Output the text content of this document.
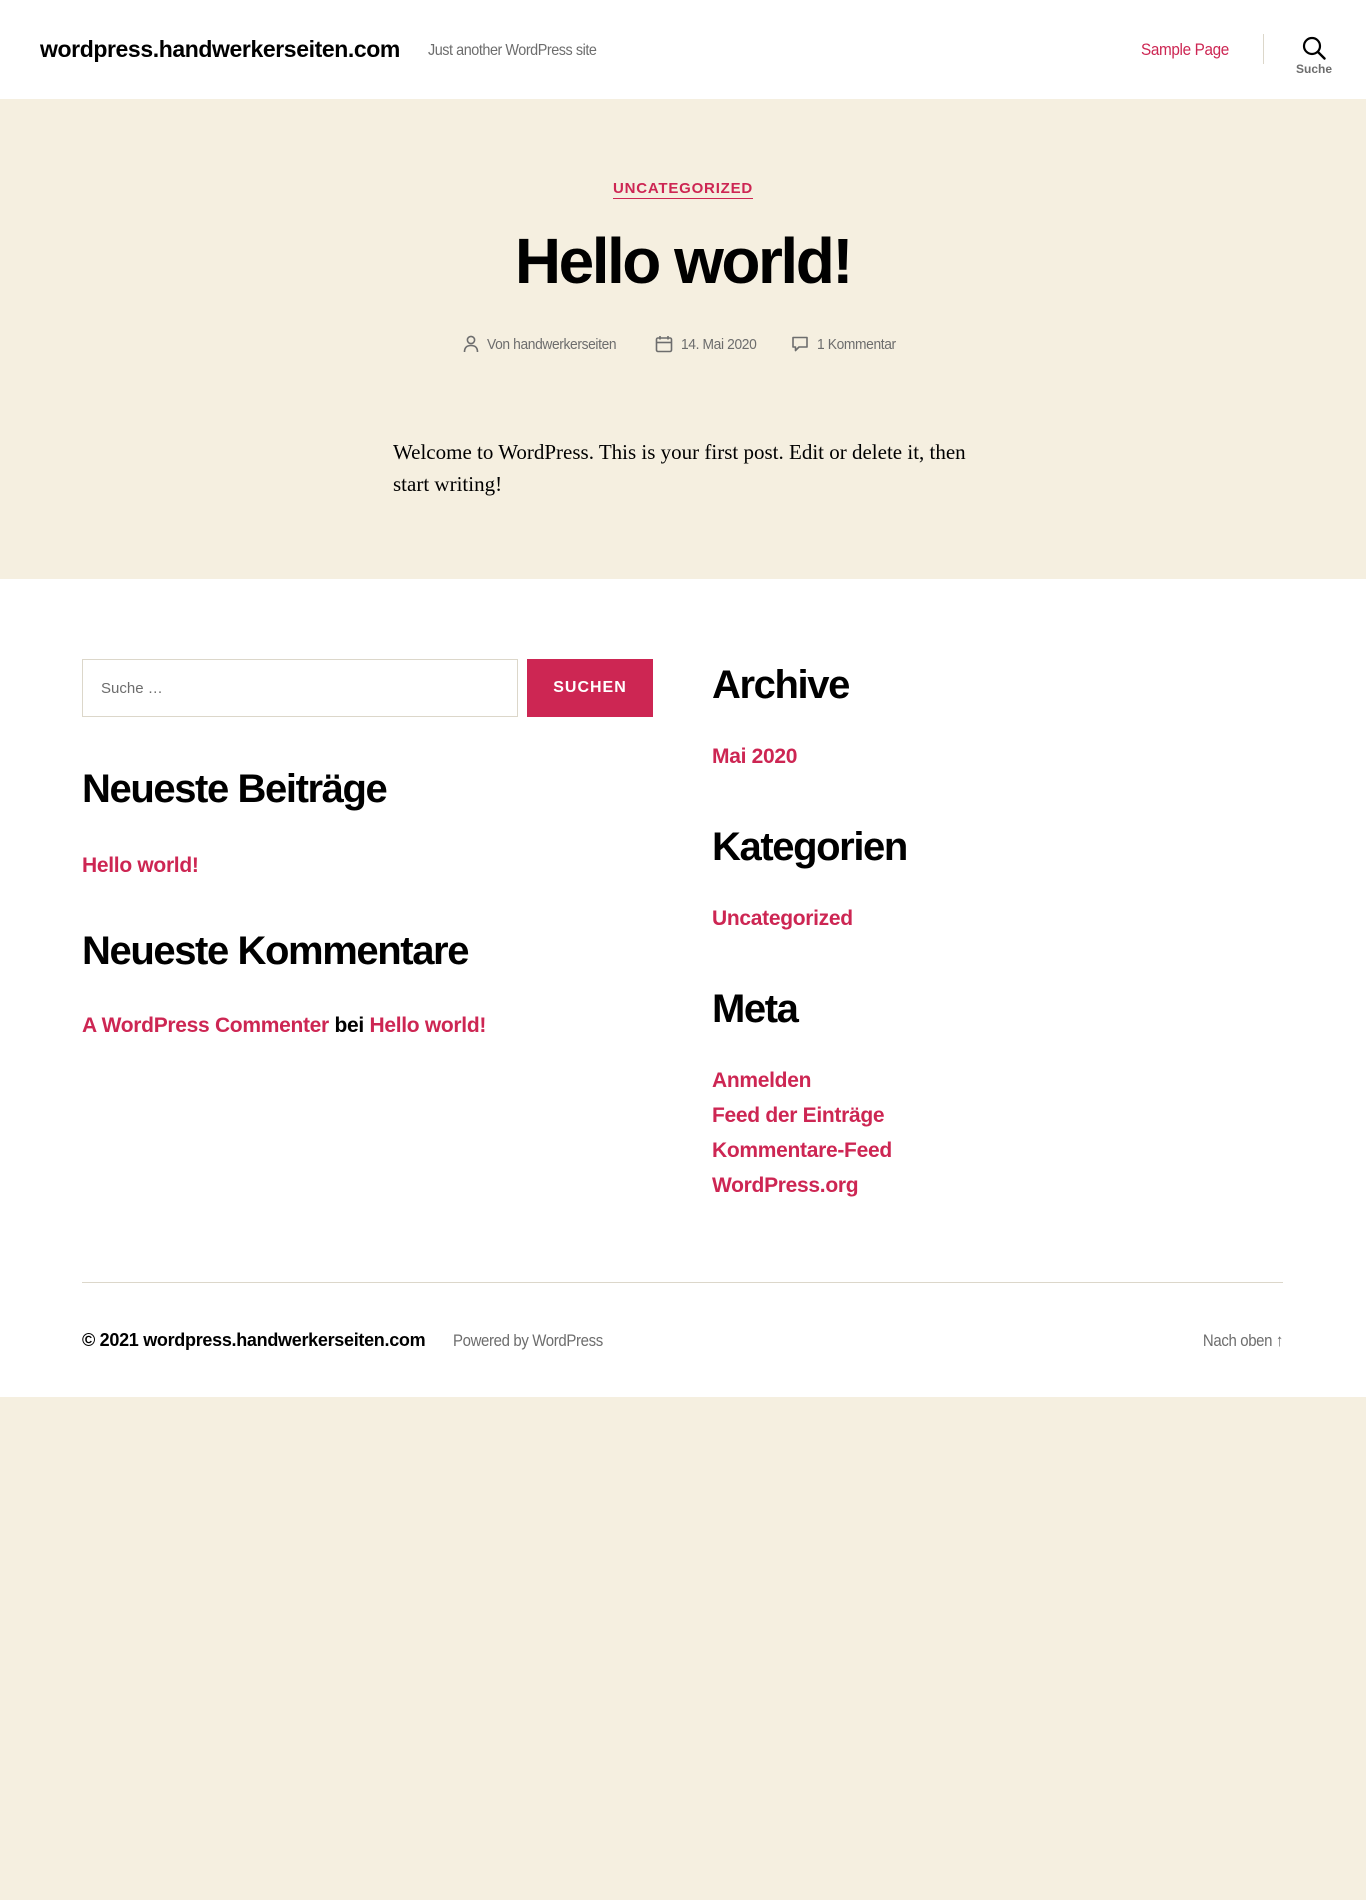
wordpress.handwerkerseiten.com Just another WordPress site	Sample Page
Suche
UNCATEGORIZED
Hello world!
Von handwerkerseiten	14. Mai 2020	1 Kommentar

Welcome to WordPress. This is your first post. Edit or delete it, then start writing!

Suche …
SUCHEN
Neueste Beiträge
Hello world!
Neueste Kommentare
A WordPress Commenter bei Hello world!
Archive
Mai 2020
Kategorien
Uncategorized
Meta
Anmelden
Feed der Einträge
Kommentare-Feed
WordPress.org
© 2021 wordpress.handwerkerseiten.com Powered by WordPress	Nach oben ↑
